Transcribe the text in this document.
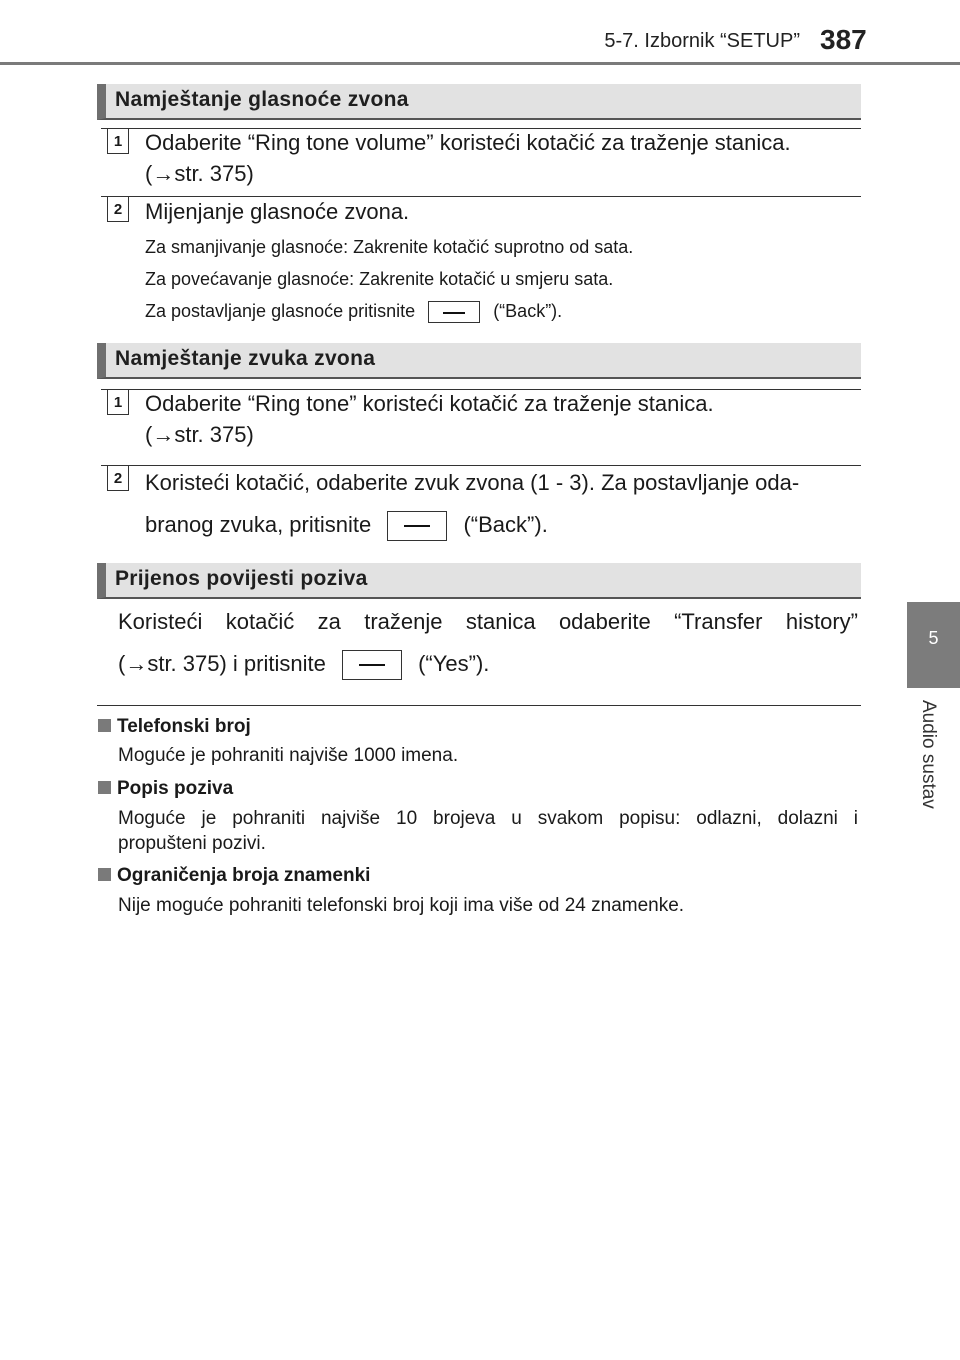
5-7. Izbornik “SETUP” 387
5
Audio sustav
Namještanje glasnoće zvona
1	Odaberite “Ring tone volume” koristeći kotačić za traženje stanica.
(→str. 375)
2	Mijenjanje glasnoće zvona.
Za smanjivanje glasnoće: Zakrenite kotačić suprotno od sata.
Za povećavanje glasnoće: Zakrenite kotačić u smjeru sata.
Za postavljanje glasnoće pritisnite	(“Back”).
Namještanje zvuka zvona
1	Odaberite “Ring tone” koristeći kotačić za traženje stanica.
(→str. 375)
2	Koristeći kotačić, odaberite zvuk zvona (1 - 3). Za postavljanje oda-
branog zvuka, pritisnite	(“Back”).
Prijenos povijesti poziva
Koristeći kotačić za traženje stanica odaberite “Transfer history”
(→str. 375) i pritisnite	(“Yes”).
Telefonski broj
Moguće je pohraniti najviše 1000 imena.
Popis poziva
Moguće je pohraniti najviše 10 brojeva u svakom popisu: odlazni, dolazni i
propušteni pozivi.
Ograničenja broja znamenki
Nije moguće pohraniti telefonski broj koji ima više od 24 znamenke.
